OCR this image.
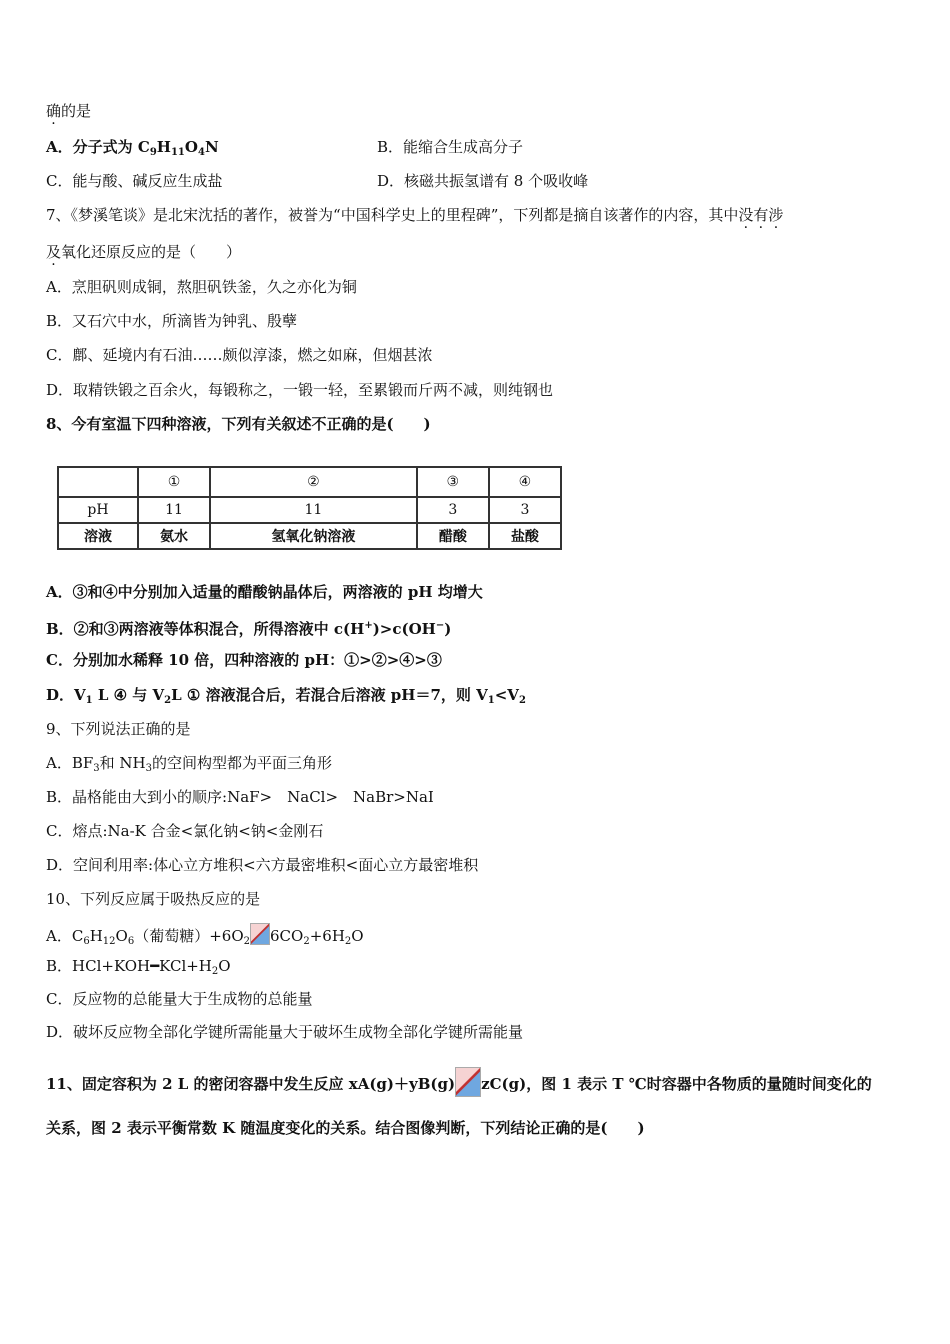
确的是
A．分子式为 $C_9H_{11}O_4N$	B．能缩合生成高分子
C．能与酸、碱反应生成盐	D．核磁共振氢谱有 8 个吸收峰
7、《梦溪笔谈》是北宋沈括的著作，被誉为“中国科学史上的里程碑”，下列都是摘自该著作的内容，其中没有涉
及氧化还原反应的是（　　）
A．烹胆矾则成铜，熬胆矾铁釜，久之亦化为铜
B．又石穴中水，所滴皆为钟乳、殷孽
C．鄜、延境内有石油……颇似淳漆，燃之如麻，但烟甚浓
D．取精铁锻之百余火，每锻称之，一锻一轻，至累锻而斤两不减，则纯钢也
8、今有室温下四种溶液，下列有关叙述不正确的是(　　)
	①	②	③	④
pH	11	11	3	3
溶液	氨水	氢氧化钠溶液	醋酸	盐酸
A．③和④中分别加入适量的醋酸钠晶体后，两溶液的 pH 均增大
B．②和③两溶液等体积混合，所得溶液中 c(H+)>c(OH−)
C．分别加水稀释 10 倍，四种溶液的 pH：①>②>④>③
D．$V_1$ L ④ 与 $V_2L$ ① 溶液混合后，若混合后溶液 pH＝7，则 $V_1<V_2$
9、下列说法正确的是
A．$BF_3$和 $NH_3$的空间构型都为平面三角形
B．晶格能由大到小的顺序:NaF>　NaCl>　NaBr>NaI
C．熔点:Na-K 合金<氯化钠<钠<金刚石
D．空间利用率:体心立方堆积<六方最密堆积<面心立方最密堆积
10、下列反应属于吸热反应的是
A．$C_6H_{12}O_6$（葡萄糖）$+6O_2$ $6CO_2+6H_2O$
B．$HCl+KOH━KCl+H_2O$
C．反应物的总能量大于生成物的总能量
D．破坏反应物全部化学键所需能量大于破坏生成物全部化学键所需能量
11、固定容积为 2 L 的密闭容器中发生反应 xA(g)＋yB(g) zC(g)，图 1 表示 T ℃时容器中各物质的量随时间变化的
关系，图 2 表示平衡常数 K 随温度变化的关系。结合图像判断，下列结论正确的是(　　)
